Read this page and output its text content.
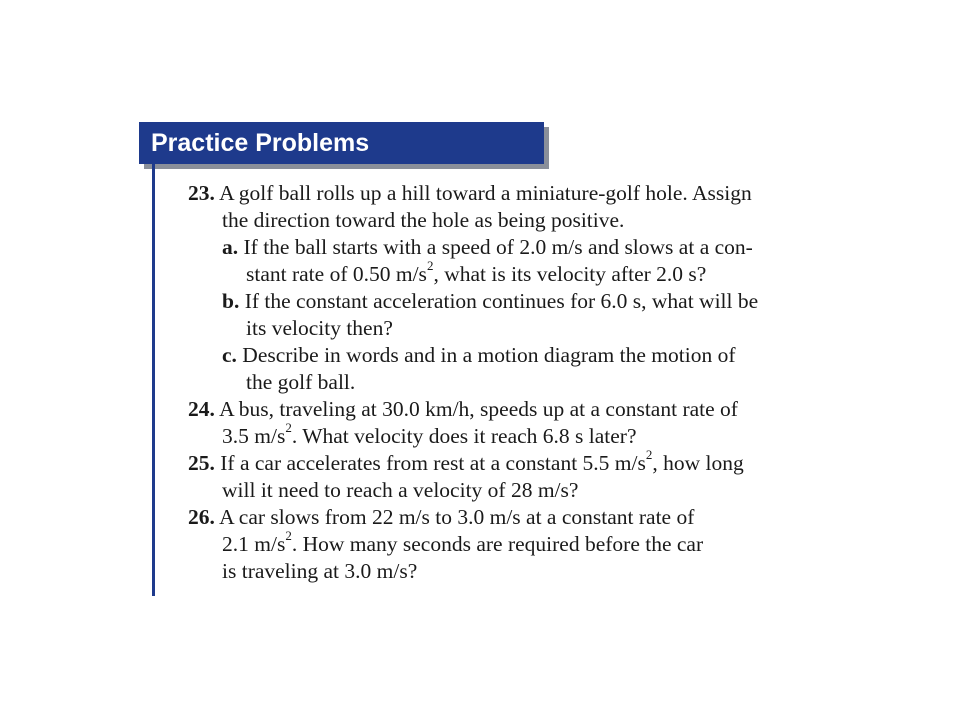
Practice Problems
23. A golf ball rolls up a hill toward a miniature-golf hole. Assign
the direction toward the hole as being positive.
a. If the ball starts with a speed of 2.0 m/s and slows at a con-
stant rate of 0.50 $m/s^2$, what is its velocity after 2.0 s?
b. If the constant acceleration continues for 6.0 s, what will be
its velocity then?
c. Describe in words and in a motion diagram the motion of
the golf ball.
24. A bus, traveling at 30.0 km/h, speeds up at a constant rate of
3.5 $m/s^2$. What velocity does it reach 6.8 s later?
25. If a car accelerates from rest at a constant 5.5 $m/s^2$, how long
will it need to reach a velocity of 28 m/s?
26. A car slows from 22 m/s to 3.0 m/s at a constant rate of
2.1 $m/s^2$. How many seconds are required before the car
is traveling at 3.0 m/s?
